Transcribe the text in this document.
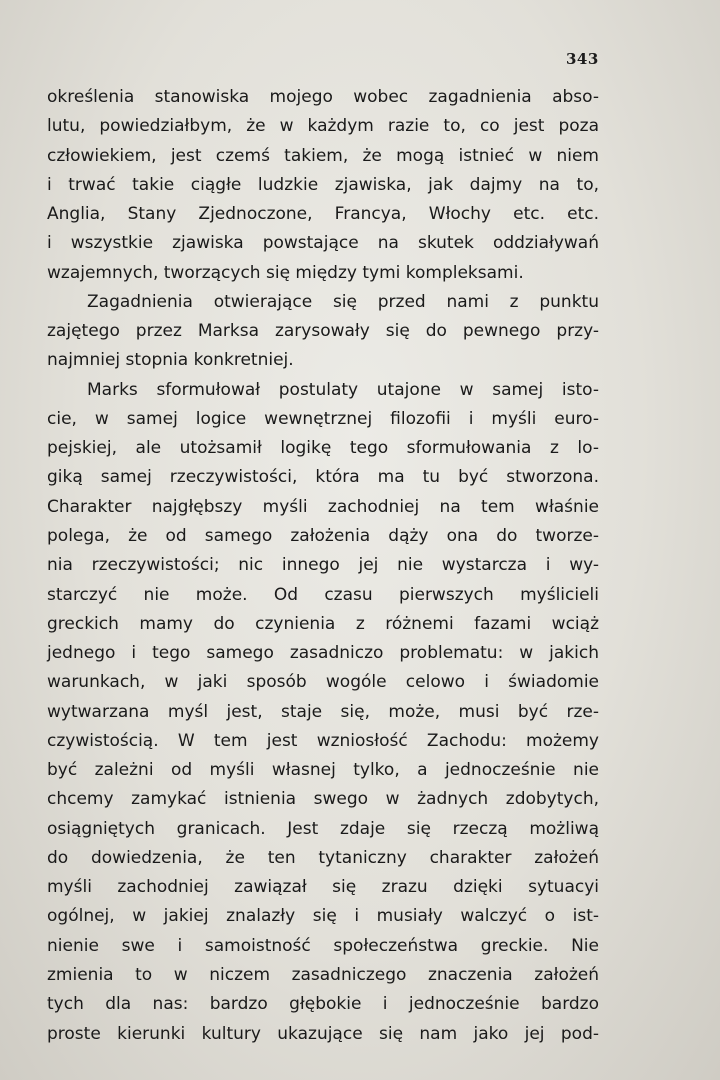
343
określenia stanowiska mojego wobec zagadnienia abso-
lutu, powiedziałbym, że w każdym razie to, co jest poza
człowiekiem, jest czemś takiem, że mogą istnieć w niem
i trwać takie ciągłe ludzkie zjawiska, jak dajmy na to,
Anglia, Stany Zjednoczone, Francya, Włochy etc. etc.
i wszystkie zjawiska powstające na skutek oddziaływań
wzajemnych, tworzących się między tymi kompleksami.
Zagadnienia otwierające się przed nami z punktu
zajętego przez Marksa zarysowały się do pewnego przy-
najmniej stopnia konkretniej.
Marks sformułował postulaty utajone w samej isto-
cie, w samej logice wewnętrznej filozofii i myśli euro-
pejskiej, ale utożsamił logikę tego sformułowania z lo-
giką samej rzeczywistości, która ma tu być stworzona.
Charakter najgłębszy myśli zachodniej na tem właśnie
polega, że od samego założenia dąży ona do tworze-
nia rzeczywistości; nic innego jej nie wystarcza i wy-
starczyć nie może. Od czasu pierwszych myślicieli
greckich mamy do czynienia z różnemi fazami wciąż
jednego i tego samego zasadniczo problematu: w jakich
warunkach, w jaki sposób wogóle celowo i świadomie
wytwarzana myśl jest, staje się, może, musi być rze-
czywistością. W tem jest wzniosłość Zachodu: możemy
być zależni od myśli własnej tylko, a jednocześnie nie
chcemy zamykać istnienia swego w żadnych zdobytych,
osiągniętych granicach. Jest zdaje się rzeczą możliwą
do dowiedzenia, że ten tytaniczny charakter założeń
myśli zachodniej zawiązał się zrazu dzięki sytuacyi
ogólnej, w jakiej znalazły się i musiały walczyć o ist-
nienie swe i samoistność społeczeństwa greckie. Nie
zmienia to w niczem zasadniczego znaczenia założeń
tych dla nas: bardzo głębokie i jednocześnie bardzo
proste kierunki kultury ukazujące się nam jako jej pod-
